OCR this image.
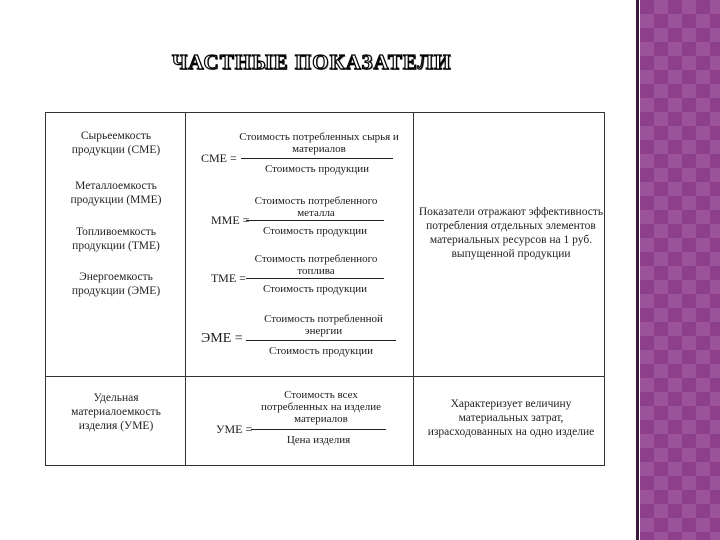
ЧАСТНЫЕ ПОКАЗАТЕЛИ
Сырьеемкость продукции (СМЕ)
Металлоемкость продукции (ММЕ)
Топливоемкость продукции (ТМЕ)
Энергоемкость продукции (ЭМЕ)
Стоимость потребленных сырья и материалов
СМЕ =
Стоимость продукции
Стоимость потребленного металла
ММЕ =
Стоимость продукции
Стоимость потребленного топлива
ТМЕ =
Стоимость продукции
Стоимость потребленной энергии
ЭМЕ =
Стоимость продукции
Показатели отражают эффективность потребления отдельных элементов материальных ресурсов на 1 руб. выпущенной продукции
Удельная материалоемкость изделия (УМЕ)
Стоимость всех потребленных на изделие материалов
УМЕ =
Цена изделия
Характеризует величину материальных затрат, израсходованных на одно изделие
